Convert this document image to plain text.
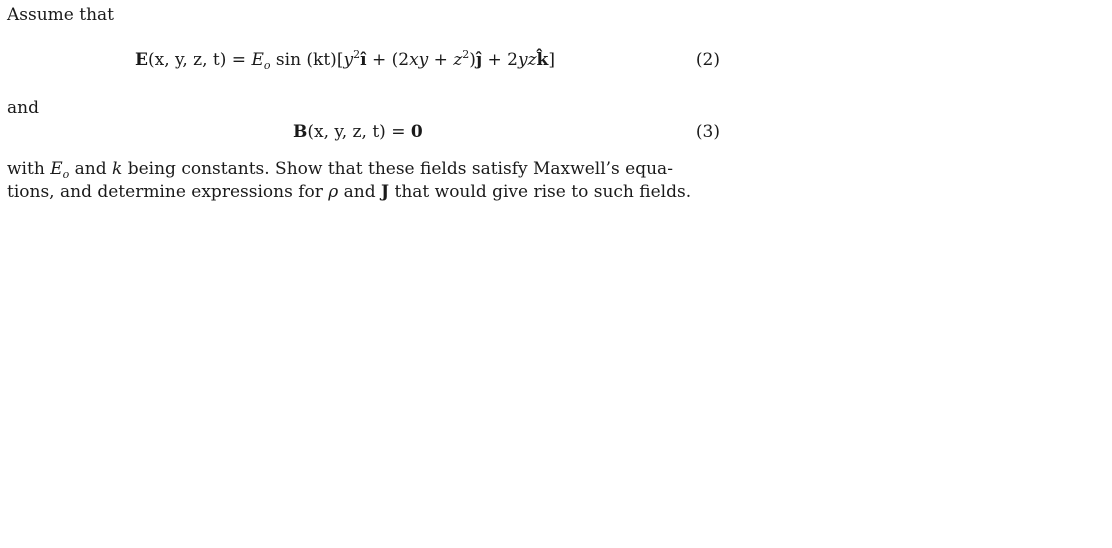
Assume that
E(x, y, z, $t) = E_o$ $\sin (kt)[y^2î + (2xy$ + $z^2)ĵ$ + 2yzk̂]	(2)
and
B(x, y, z, t) = 0	(3)
with $E_o$ and k being constants. Show that these fields satisfy Maxwell’s equa-
tions, and determine expressions for ρ and J that would give rise to such fields.
